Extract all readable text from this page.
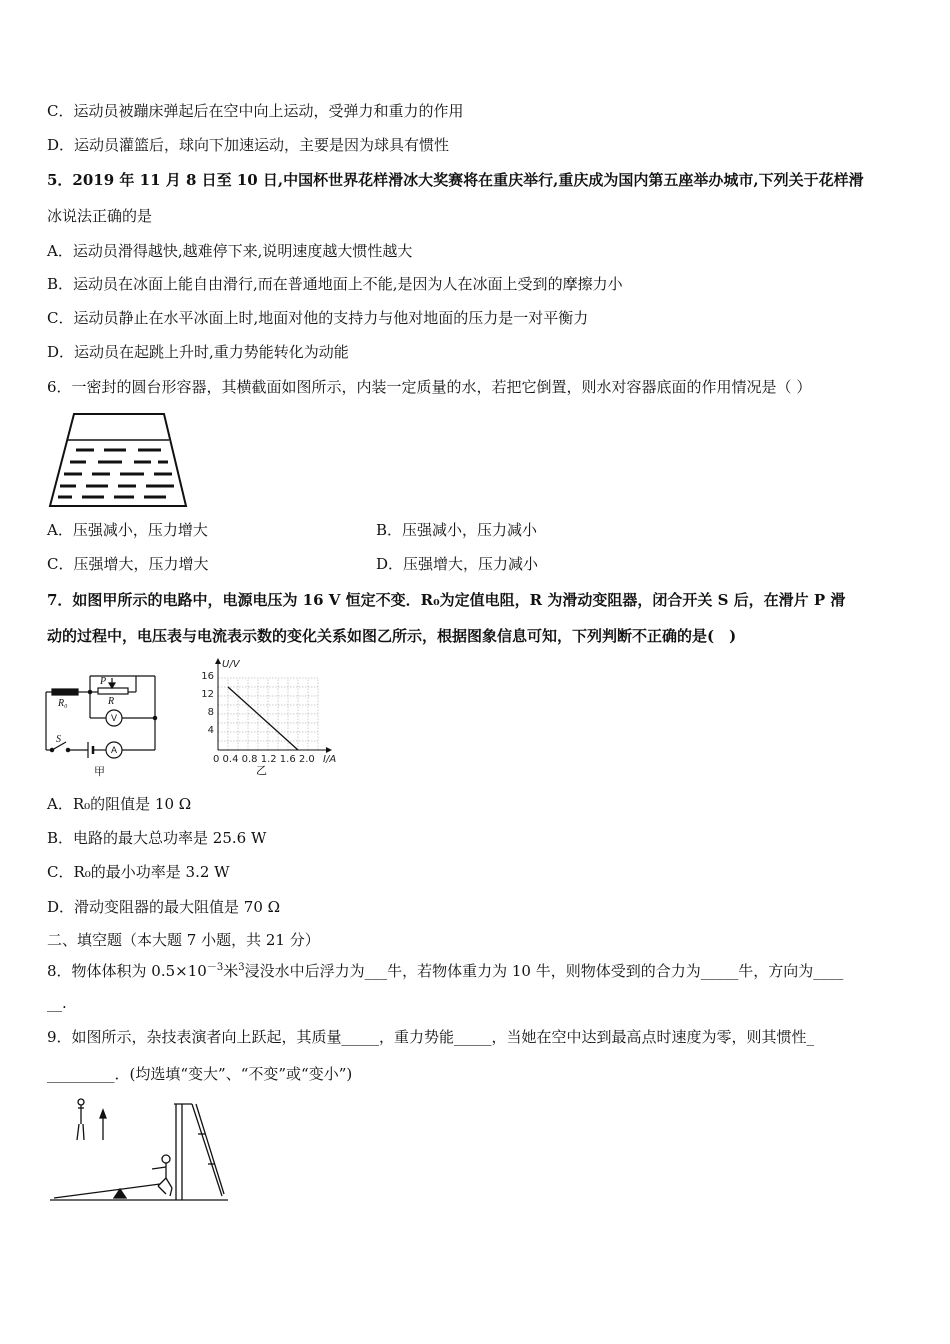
C．运动员被蹦床弹起后在空中向上运动，受弹力和重力的作用
D．运动员灌篮后，球向下加速运动，主要是因为球具有惯性
5．2019 年 11 月 8 日至 10 日,中国杯世界花样滑冰大奖赛将在重庆举行,重庆成为国内第五座举办城市,下列关于花样滑
冰说法正确的是
A．运动员滑得越快,越难停下来,说明速度越大惯性越大
B．运动员在冰面上能自由滑行,而在普通地面上不能,是因为人在冰面上受到的摩擦力小
C．运动员静止在水平冰面上时,地面对他的支持力与他对地面的压力是一对平衡力
D．运动员在起跳上升时,重力势能转化为动能
6．一密封的圆台形容器，其横截面如图所示，内装一定质量的水，若把它倒置，则水对容器底面的作用情况是（ ）
A．压强减小，压力增大	B．压强减小，压力减小
C．压强增大，压力增大	D．压强增大，压力减小
7．如图甲所示的电路中，电源电压为 16 V 恒定不变．R₀为定值电阻，R 为滑动变阻器，闭合开关 S 后，在滑片 P 滑
动的过程中，电压表与电流表示数的变化关系如图乙所示，根据图象信息可知，下列判断不正确的是(　)
R₀
P
R
S
V
A
甲
U/V
I/A
16
12
8
4
0 0.4 0.8 1.2 1.6 2.0
乙
A．R₀的阻值是 10 Ω
B．电路的最大总功率是 25.6 W
C．R₀的最小功率是 3.2 W
D．滑动变阻器的最大阻值是 70 Ω
二、填空题（本大题 7 小题，共 21 分）
8．物体体积为 $0.5\times 10^{-3}$米$^3$浸没水中后浮力为___牛，若物体重力为 10 牛，则物体受到的合力为_____牛，方向为____
__.
9．如图所示，杂技表演者向上跃起，其质量_____，重力势能_____，当她在空中达到最高点时速度为零，则其惯性_
_________．(均选填“变大”、“不变”或“变小”)
